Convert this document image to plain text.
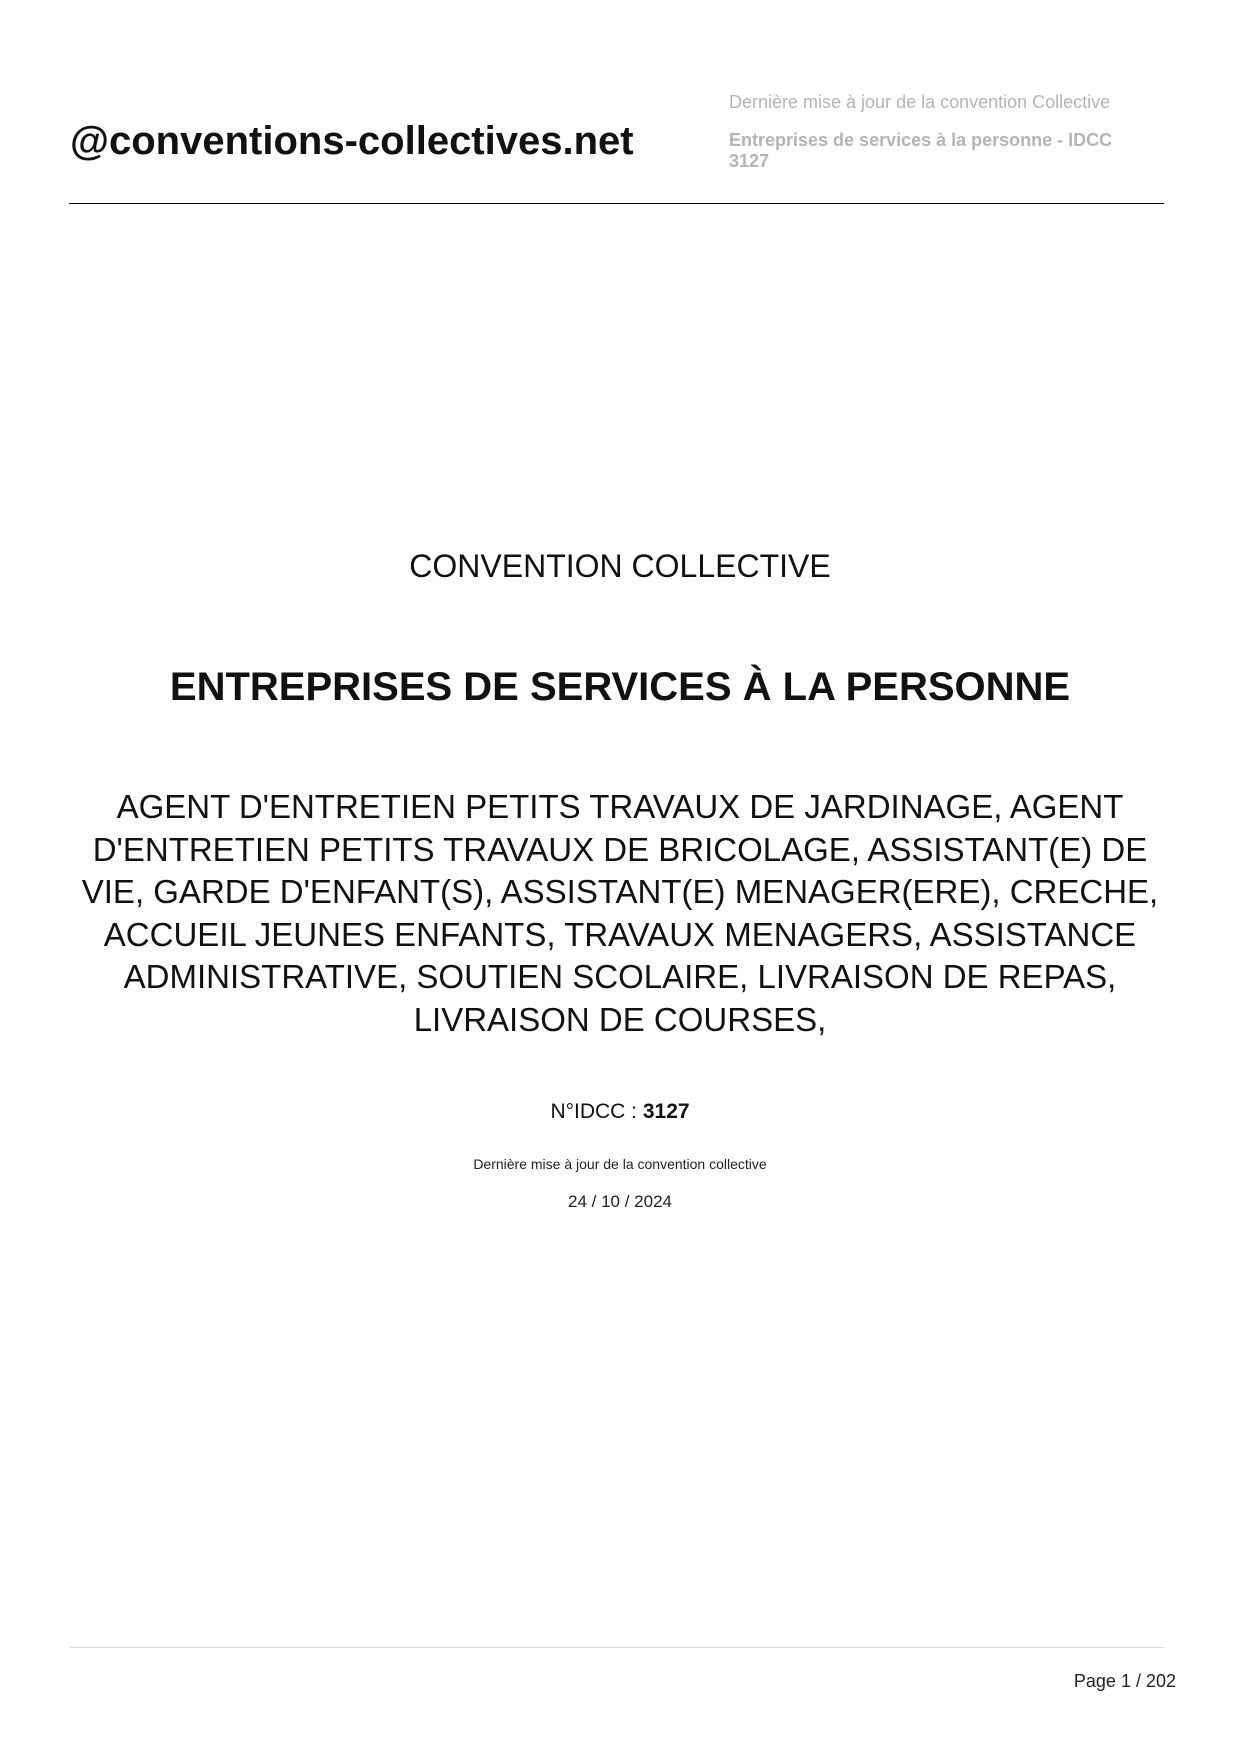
@conventions-collectives.net

Dernière mise à jour de la convention Collective

Entreprises de services à la personne - IDCC 3127

CONVENTION COLLECTIVE
ENTREPRISES DE SERVICES À LA PERSONNE
AGENT D'ENTRETIEN PETITS TRAVAUX DE JARDINAGE, AGENT D'ENTRETIEN PETITS TRAVAUX DE BRICOLAGE, ASSISTANT(E) DE VIE, GARDE D'ENFANT(S), ASSISTANT(E) MENAGER(ERE), CRECHE, ACCUEIL JEUNES ENFANTS, TRAVAUX MENAGERS, ASSISTANCE ADMINISTRATIVE, SOUTIEN SCOLAIRE, LIVRAISON DE REPAS, LIVRAISON DE COURSES,
N°IDCC : 3127
Dernière mise à jour de la convention collective
24 / 10 / 2024
Page 1 / 202
